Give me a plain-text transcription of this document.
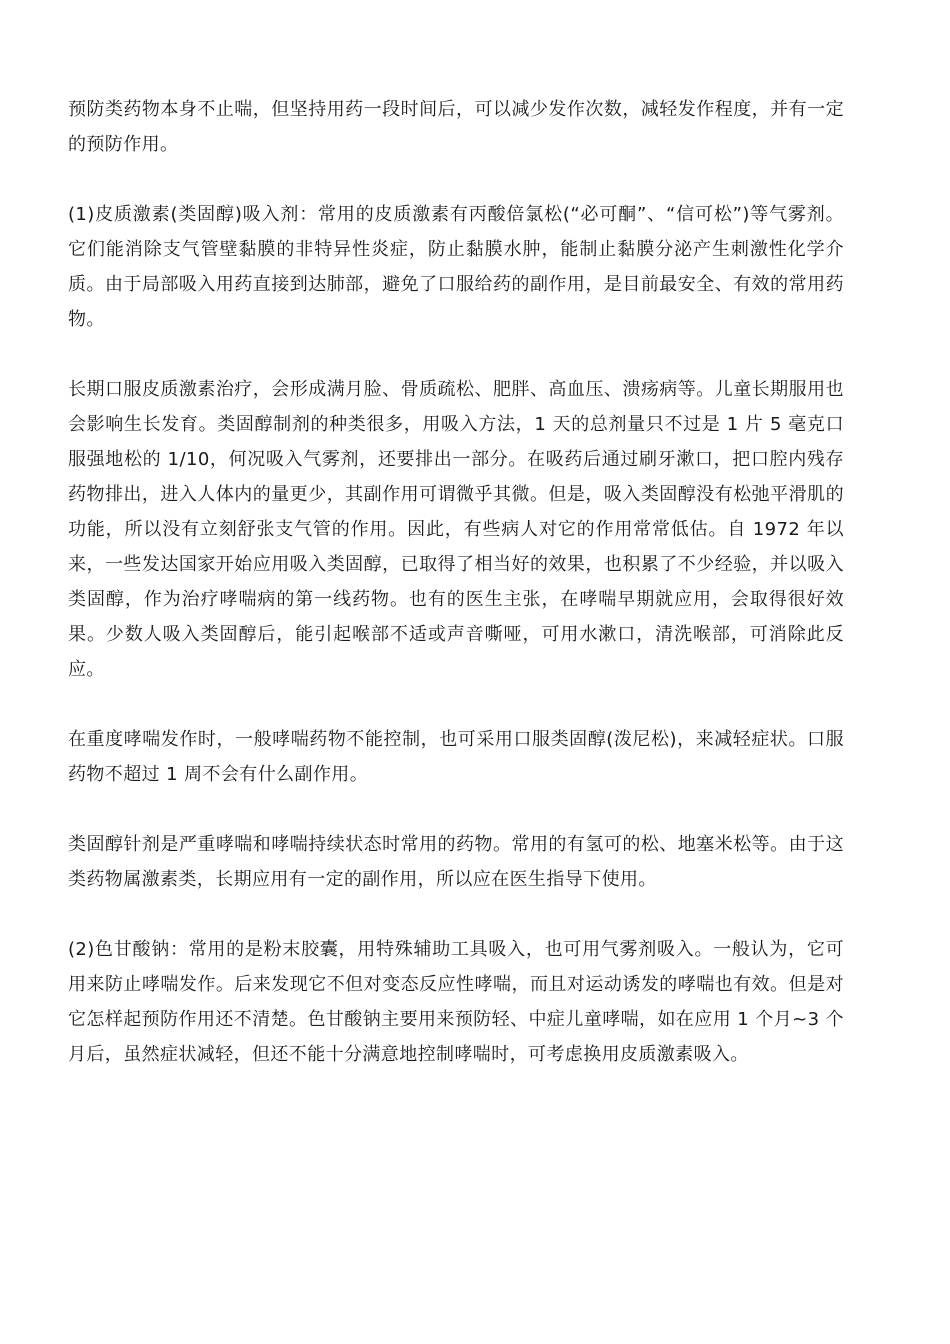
预防类药物本身不止喘，但坚持用药一段时间后，可以减少发作次数，减轻发作程度，并有一定的预防作用。

(1)皮质激素(类固醇)吸入剂：常用的皮质激素有丙酸倍氯松(“必可酮”、“信可松”)等气雾剂。它们能消除支气管壁黏膜的非特异性炎症，防止黏膜水肿，能制止黏膜分泌产生刺激性化学介质。由于局部吸入用药直接到达肺部，避免了口服给药的副作用，是目前最安全、有效的常用药物。

长期口服皮质激素治疗，会形成满月脸、骨质疏松、肥胖、高血压、溃疡病等。儿童长期服用也会影响生长发育。类固醇制剂的种类很多，用吸入方法，1 天的总剂量只不过是 1 片 5 毫克口服强地松的 1/10，何况吸入气雾剂，还要排出一部分。在吸药后通过刷牙漱口，把口腔内残存药物排出，进入人体内的量更少，其副作用可谓微乎其微。但是，吸入类固醇没有松弛平滑肌的功能，所以没有立刻舒张支气管的作用。因此，有些病人对它的作用常常低估。自 1972 年以来，一些发达国家开始应用吸入类固醇，已取得了相当好的效果，也积累了不少经验，并以吸入类固醇，作为治疗哮喘病的第一线药物。也有的医生主张，在哮喘早期就应用，会取得很好效果。少数人吸入类固醇后，能引起喉部不适或声音嘶哑，可用水漱口，清洗喉部，可消除此反应。

在重度哮喘发作时，一般哮喘药物不能控制，也可采用口服类固醇(泼尼松)，来减轻症状。口服药物不超过 1 周不会有什么副作用。

类固醇针剂是严重哮喘和哮喘持续状态时常用的药物。常用的有氢可的松、地塞米松等。由于这类药物属激素类，长期应用有一定的副作用，所以应在医生指导下使用。

(2)色甘酸钠：常用的是粉末胶囊，用特殊辅助工具吸入，也可用气雾剂吸入。一般认为，它可用来防止哮喘发作。后来发现它不但对变态反应性哮喘，而且对运动诱发的哮喘也有效。但是对它怎样起预防作用还不清楚。色甘酸钠主要用来预防轻、中症儿童哮喘，如在应用 1 个月~3 个月后，虽然症状减轻，但还不能十分满意地控制哮喘时，可考虑换用皮质激素吸入。
